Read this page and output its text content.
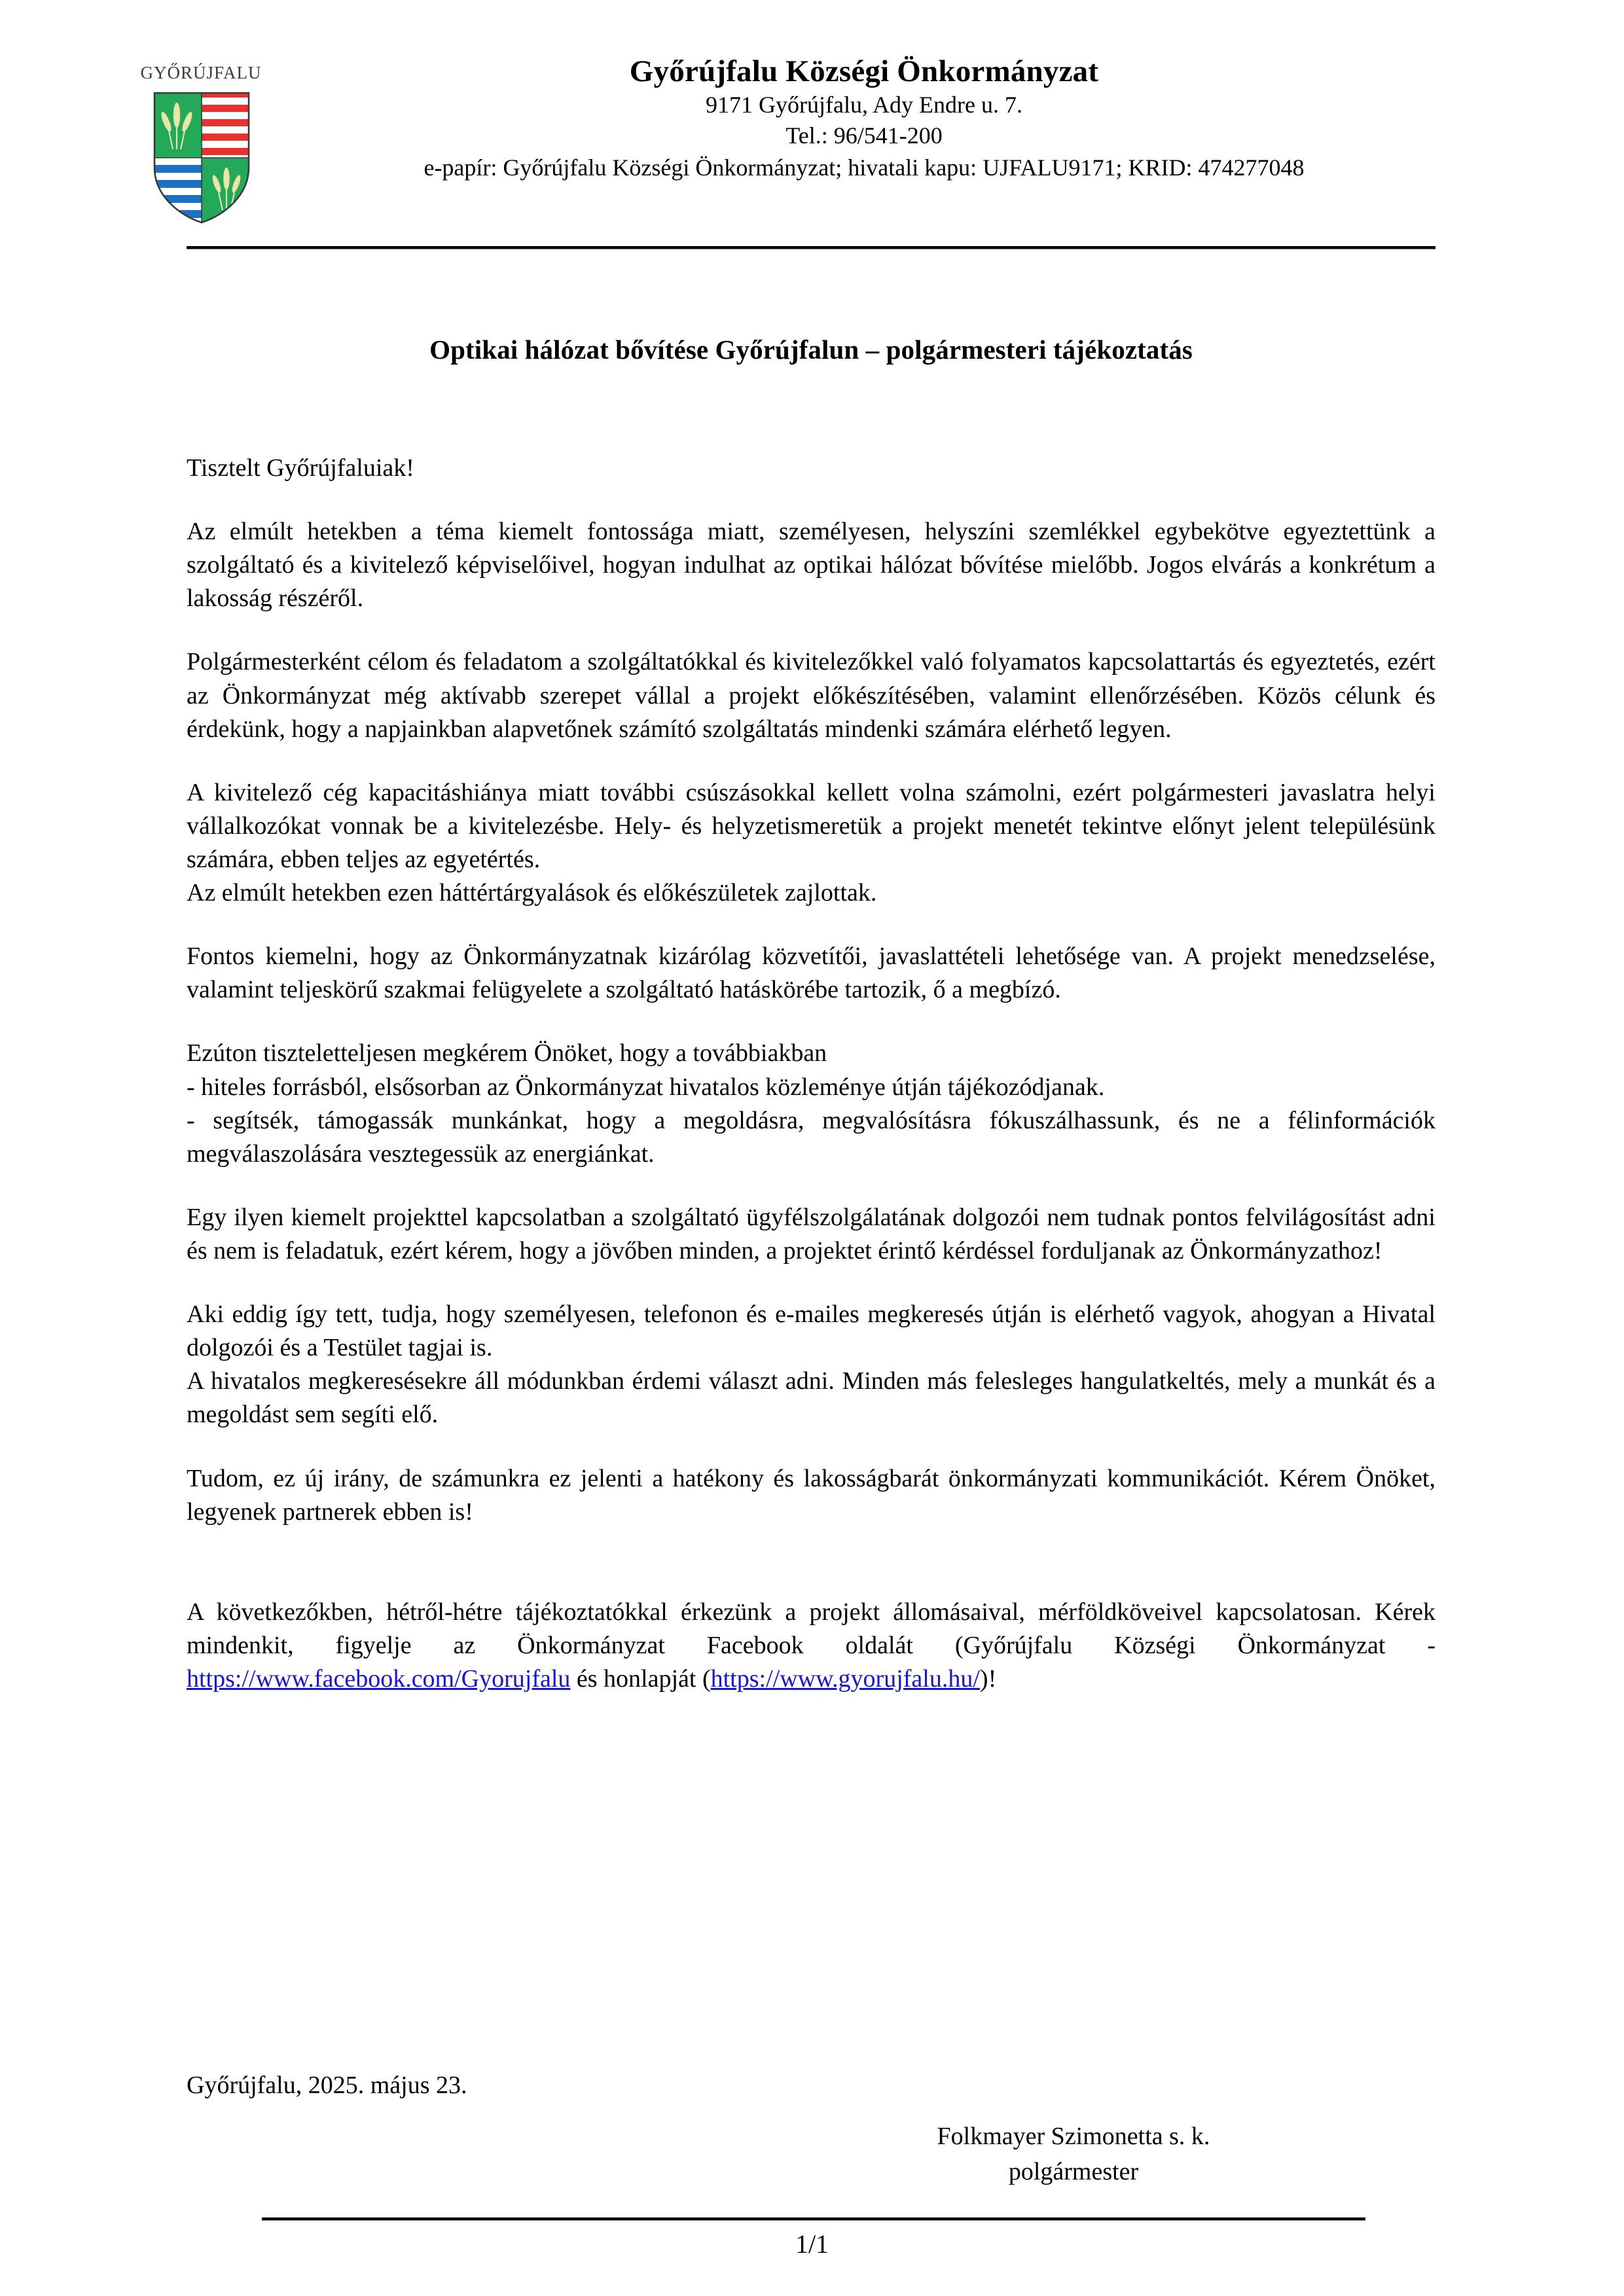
GYŐRÚJFALU	Győrújfalu Községi Önkormányzat
9171 Győrújfalu, Ady Endre u. 7.
Tel.: 96/541-200
e-papír: Győrújfalu Községi Önkormányzat; hivatali kapu: UJFALU9171; KRID: 474277048
Optikai hálózat bővítése Győrújfalun – polgármesteri tájékoztatás

Tisztelt Győrújfaluiak!

Az elmúlt hetekben a téma kiemelt fontossága miatt, személyesen, helyszíni szemlékkel egybekötve egyeztettünk a szolgáltató és a kivitelező képviselőivel, hogyan indulhat az optikai hálózat bővítése mielőbb. Jogos elvárás a konkrétum a lakosság részéről.

Polgármesterként célom és feladatom a szolgáltatókkal és kivitelezőkkel való folyamatos kapcsolattartás és egyeztetés, ezért az Önkormányzat még aktívabb szerepet vállal a projekt előkészítésében, valamint ellenőrzésében. Közös célunk és érdekünk, hogy a napjainkban alapvetőnek számító szolgáltatás mindenki számára elérhető legyen.

A kivitelező cég kapacitáshiánya miatt további csúszásokkal kellett volna számolni, ezért polgármesteri javaslatra helyi vállalkozókat vonnak be a kivitelezésbe. Hely- és helyzetismeretük a projekt menetét tekintve előnyt jelent településünk számára, ebben teljes az egyetértés.

Az elmúlt hetekben ezen háttértárgyalások és előkészületek zajlottak.

Fontos kiemelni, hogy az Önkormányzatnak kizárólag közvetítői, javaslattételi lehetősége van. A projekt menedzselése, valamint teljeskörű szakmai felügyelete a szolgáltató hatáskörébe tartozik, ő a megbízó.

Ezúton tiszteletteljesen megkérem Önöket, hogy a továbbiakban

- hiteles forrásból, elsősorban az Önkormányzat hivatalos közleménye útján tájékozódjanak.

- segítsék, támogassák munkánkat, hogy a megoldásra, megvalósításra fókuszálhassunk, és ne a félinformációk megválaszolására vesztegessük az energiánkat.

Egy ilyen kiemelt projekttel kapcsolatban a szolgáltató ügyfélszolgálatának dolgozói nem tudnak pontos felvilágosítást adni és nem is feladatuk, ezért kérem, hogy a jövőben minden, a projektet érintő kérdéssel forduljanak az Önkormányzathoz!

Aki eddig így tett, tudja, hogy személyesen, telefonon és e-mailes megkeresés útján is elérhető vagyok, ahogyan a Hivatal dolgozói és a Testület tagjai is.

A hivatalos megkeresésekre áll módunkban érdemi választ adni. Minden más felesleges hangulatkeltés, mely a munkát és a megoldást sem segíti elő.

Tudom, ez új irány, de számunkra ez jelenti a hatékony és lakosságbarát önkormányzati kommunikációt. Kérem Önöket, legyenek partnerek ebben is!

A következőkben, hétről-hétre tájékoztatókkal érkezünk a projekt állomásaival, mérföldköveivel kapcsolatosan. Kérek mindenkit, figyelje az Önkormányzat Facebook oldalát (Győrújfalu Községi Önkormányzat - https://www.facebook.com/Gyorujfalu és honlapját (https://www.gyorujfalu.hu/)!

Győrújfalu, 2025. május 23.
Folkmayer Szimonetta s. k.
polgármester
1/1
